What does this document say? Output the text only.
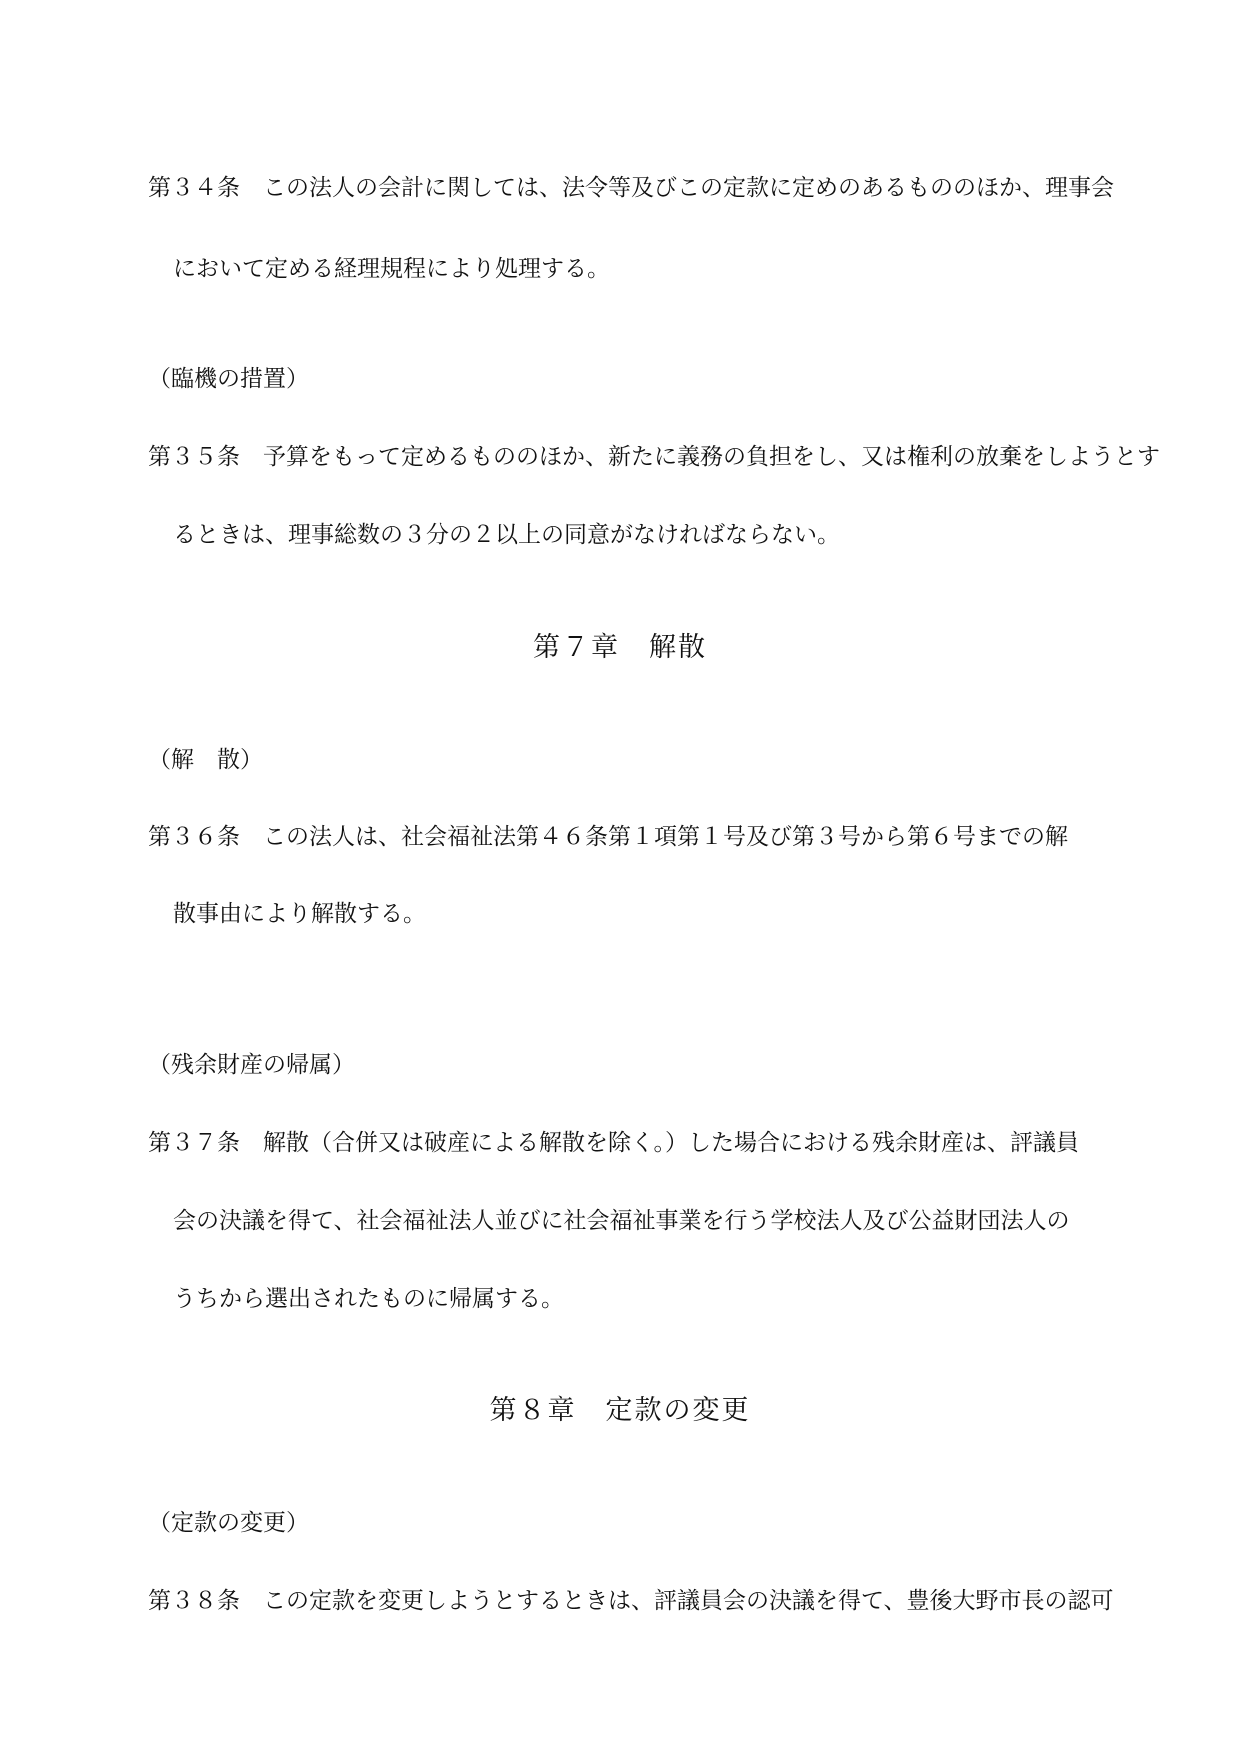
第３４条　この法人の会計に関しては、法令等及びこの定款に定めのあるもののほか、理事会
において定める経理規程により処理する。
（臨機の措置）
第３５条　予算をもって定めるもののほか、新たに義務の負担をし、又は権利の放棄をしようとす
るときは、理事総数の３分の２以上の同意がなければならない。
第７章　解散
（解　散）
第３６条　この法人は、社会福祉法第４６条第１項第１号及び第３号から第６号までの解
散事由により解散する。
（残余財産の帰属）
第３７条　解散（合併又は破産による解散を除く。）した場合における残余財産は、評議員
会の決議を得て、社会福祉法人並びに社会福祉事業を行う学校法人及び公益財団法人の
うちから選出されたものに帰属する。
第８章　定款の変更
（定款の変更）
第３８条　この定款を変更しようとするときは、評議員会の決議を得て、豊後大野市長の認可
